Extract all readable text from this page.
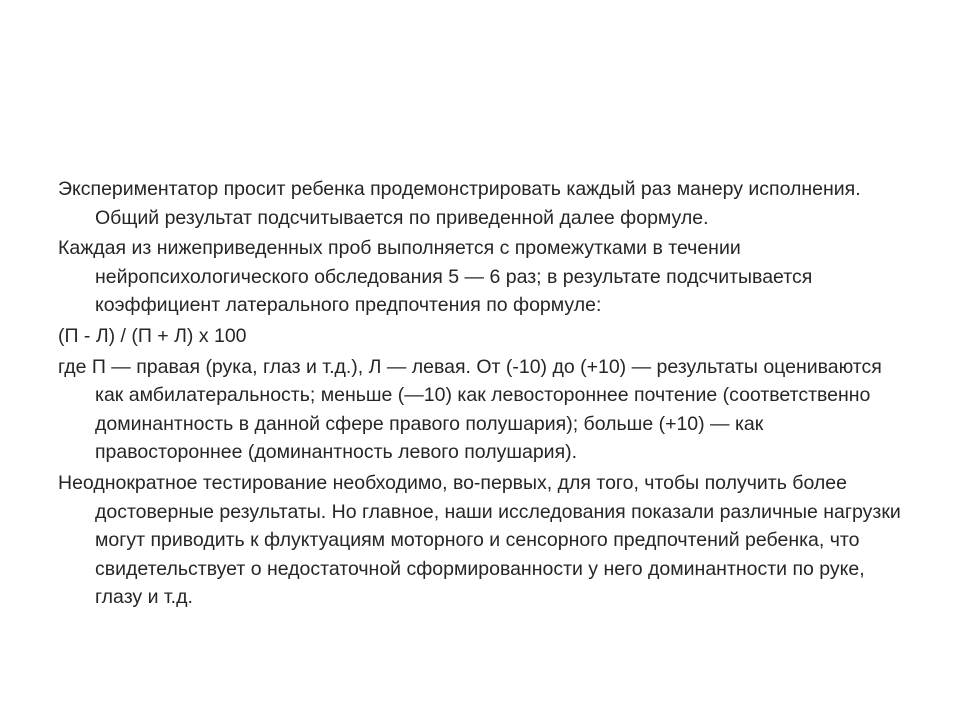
Экспериментатор просит ребенка продемонстрировать каждый раз манеру исполнения. Общий результат подсчитывается по приведенной далее формуле.

Каждая из нижеприведенных проб выполняется с промежутками в течении нейропсихологического обследования 5 — 6 раз; в результате подсчитывается коэффициент латерального предпочтения по формуле:

(П - Л) / (П + Л) х 100

где П — правая (рука, глаз и т.д.), Л — левая. От (-10) до (+10) — результаты оцениваются как амбилатеральность; меньше (—10) как левостороннее почтение (соответственно доминантность в данной сфере правого полушария); больше (+10) — как правостороннее (доминантность левого полушария).

Неоднократное тестирование необходимо, во-первых, для того, чтобы получить более достоверные результаты. Но главное, наши исследования показали различные нагрузки могут приводить к флуктуациям моторного и сенсорного предпочтений ребенка, что свидетельствует о недостаточной сформированности у него доминантности по руке, глазу и т.д.
